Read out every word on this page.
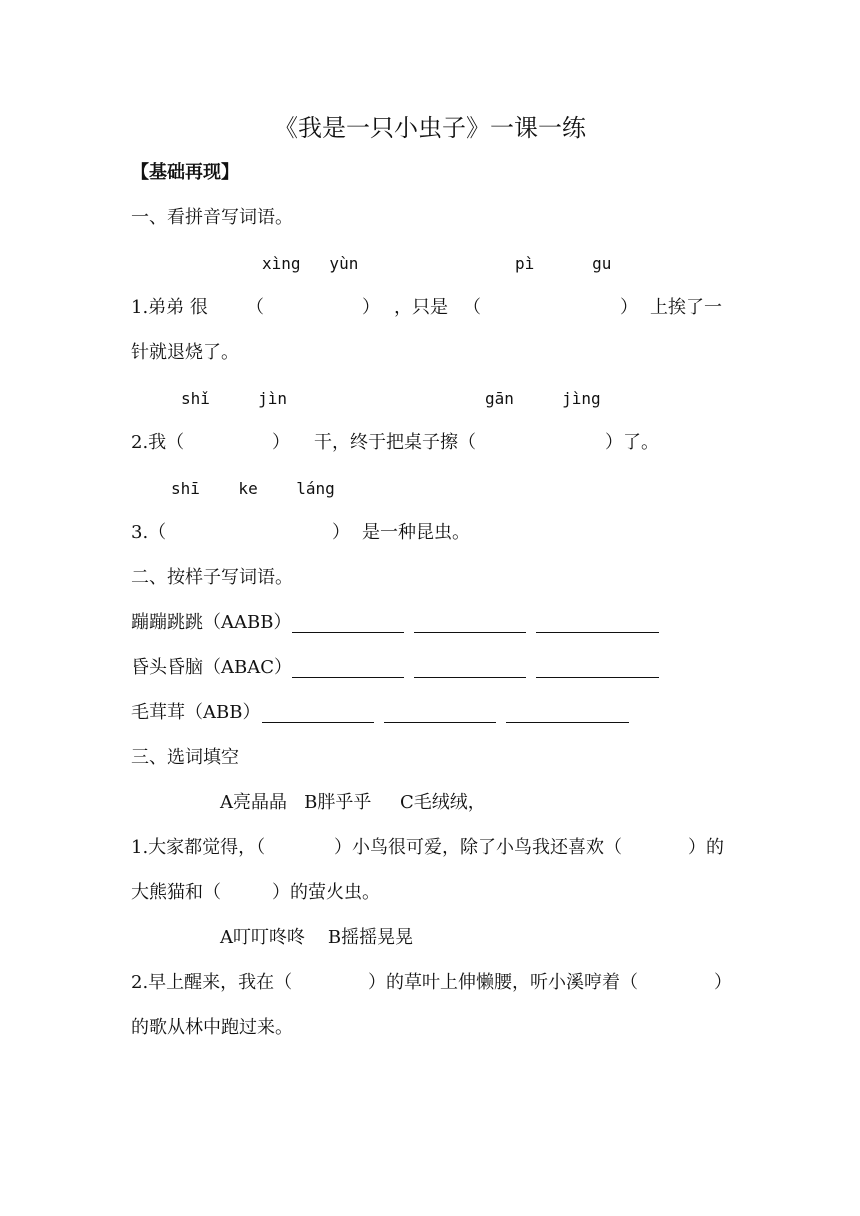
《我是一只小虫子》一课一练
【基础再现】
一、看拼音写词语。
xìng   yùn	pì      gu
1.弟弟 很 （	） ，只是 （	） 上挨了一
针就退烧了。
shǐ     jìn	gān     jìng
2.我（	） 干，终于把桌子擦（	）了。
shī    ke    láng
3.（	） 是一种昆虫。
二、按样子写词语。
蹦蹦跳跳（AABB）
昏头昏脑（ABAC）
毛茸茸（ABB）
三、选词填空
A亮晶晶   B胖乎乎     C毛绒绒，
1.大家都觉得，（	）小鸟很可爱，除了小鸟我还喜欢（	）的
大熊猫和（	）的萤火虫。
A叮叮咚咚    B摇摇晃晃
2.早上醒来，我在（	）的草叶上伸懒腰，听小溪哼着（	）
的歌从林中跑过来。
